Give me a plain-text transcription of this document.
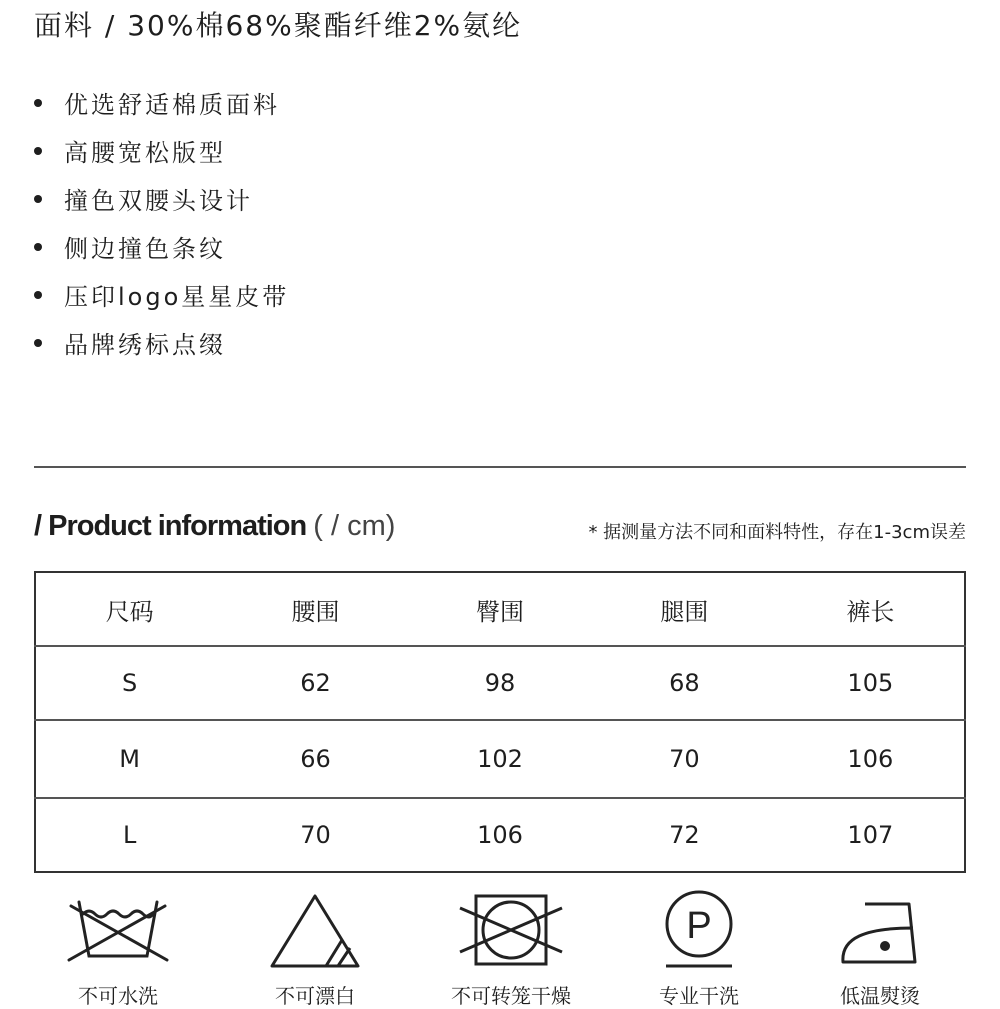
面料 / 30%棉68%聚酯纤维2%氨纶
优选舒适棉质面料
高腰宽松版型
撞色双腰头设计
侧边撞色条纹
压印logo星星皮带
品牌绣标点缀
/ Product information ( / cm)	* 据测量方法不同和面料特性，存在1-3cm误差
尺码	腰围	臀围	腿围	裤长
S	62	98	68	105
M	66	102	70	106
L	70	106	72	107
不可水洗	不可漂白	不可转笼干燥
P
专业干洗	低温熨烫
